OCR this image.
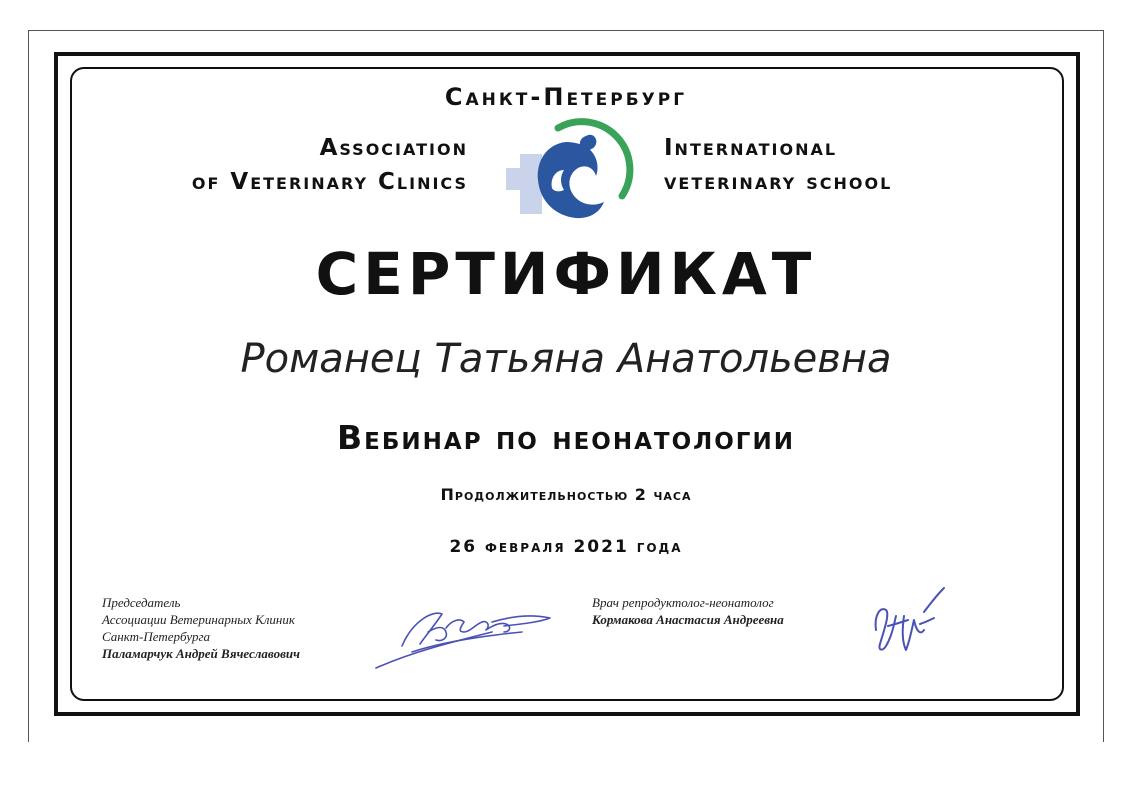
Санкт-Петербург
Association
of Veterinary Clinics
International
veterinary school
СЕРТИФИКАТ
Романец Татьяна Анатольевна
Вебинар по неонатологии
Продолжительностью 2 часа
26 февраля 2021 года
Председатель
Ассоциации Ветеринарных Клиник
Санкт-Петербурга
Паламарчук Андрей Вячеславович
Врач репродуктолог-неонатолог
Кормакова Анастасия Андреевна
